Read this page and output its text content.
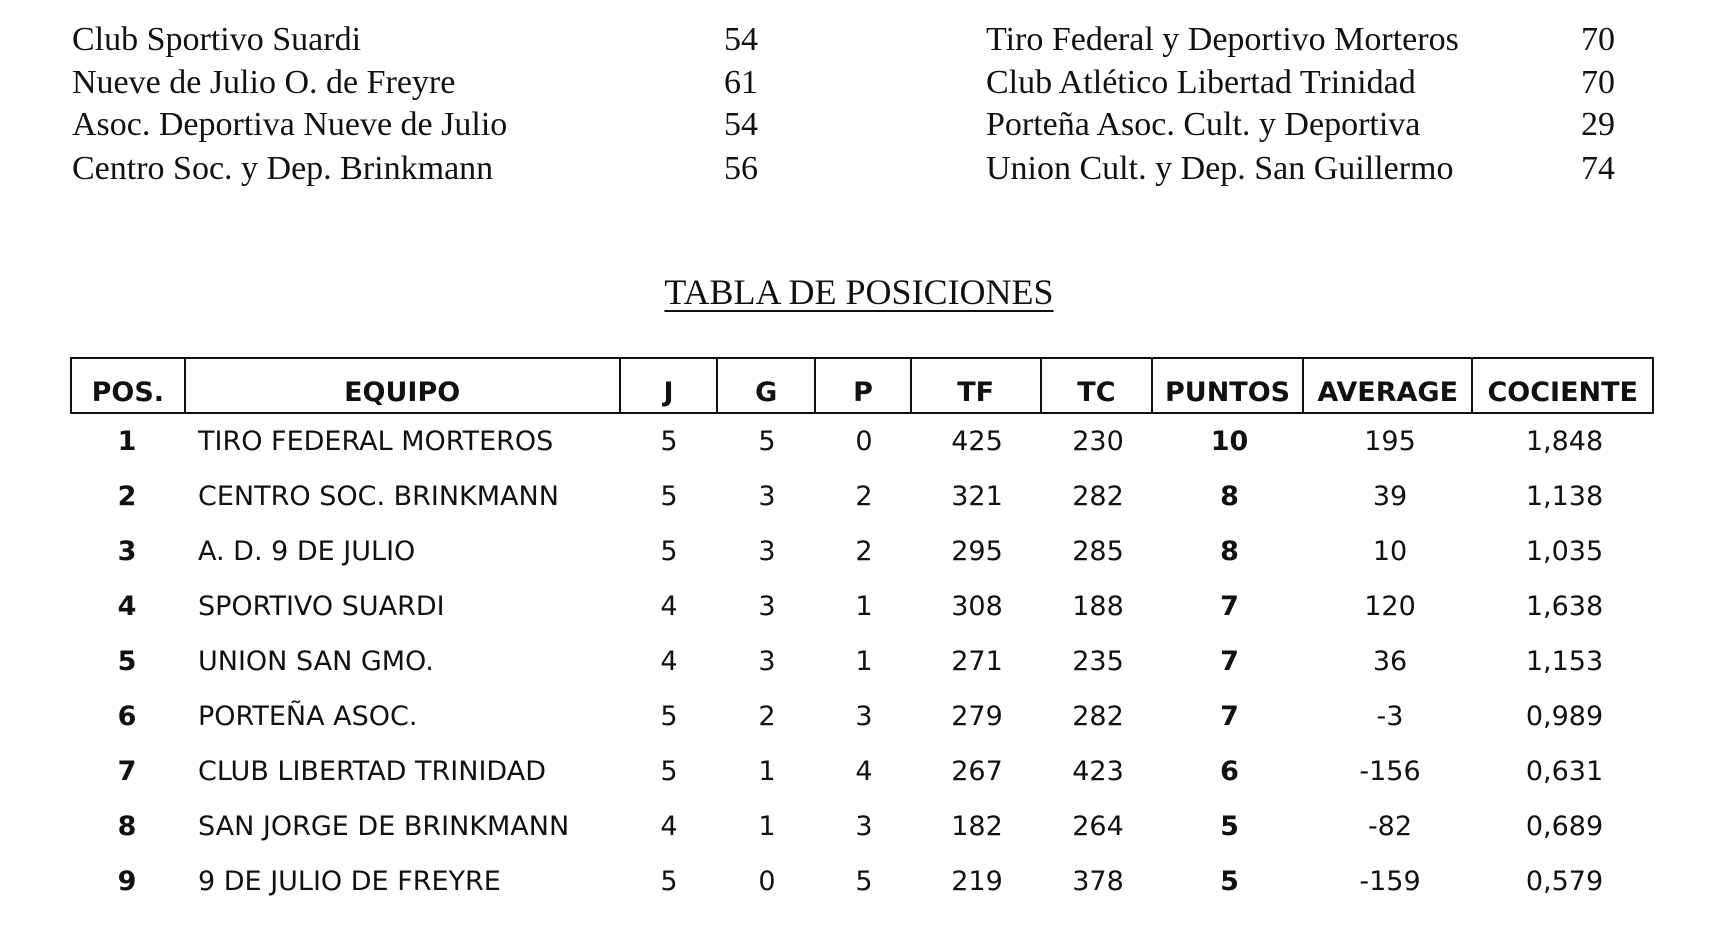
Club Sportivo Suardi	54
Nueve de Julio O. de Freyre	61
Asoc. Deportiva Nueve de Julio	54
Centro Soc. y Dep. Brinkmann	56
Tiro Federal y Deportivo Morteros	70
Club Atlético Libertad Trinidad	70
Porteña Asoc. Cult. y Deportiva	29
Union Cult. y Dep. San Guillermo	74
TABLA DE POSICIONES
POS.	EQUIPO	J	G	P	TF	TC	PUNTOS	AVERAGE	COCIENTE
1	TIRO FEDERAL MORTEROS	5	5	0	425	230	10	195	1,848
2	CENTRO SOC. BRINKMANN	5	3	2	321	282	8	39	1,138
3	A. D. 9 DE JULIO	5	3	2	295	285	8	10	1,035
4	SPORTIVO SUARDI	4	3	1	308	188	7	120	1,638
5	UNION SAN GMO.	4	3	1	271	235	7	36	1,153
6	PORTEÑA ASOC.	5	2	3	279	282	7	-3	0,989
7	CLUB LIBERTAD TRINIDAD	5	1	4	267	423	6	-156	0,631
8	SAN JORGE DE BRINKMANN	4	1	3	182	264	5	-82	0,689
9	9 DE JULIO DE FREYRE	5	0	5	219	378	5	-159	0,579
